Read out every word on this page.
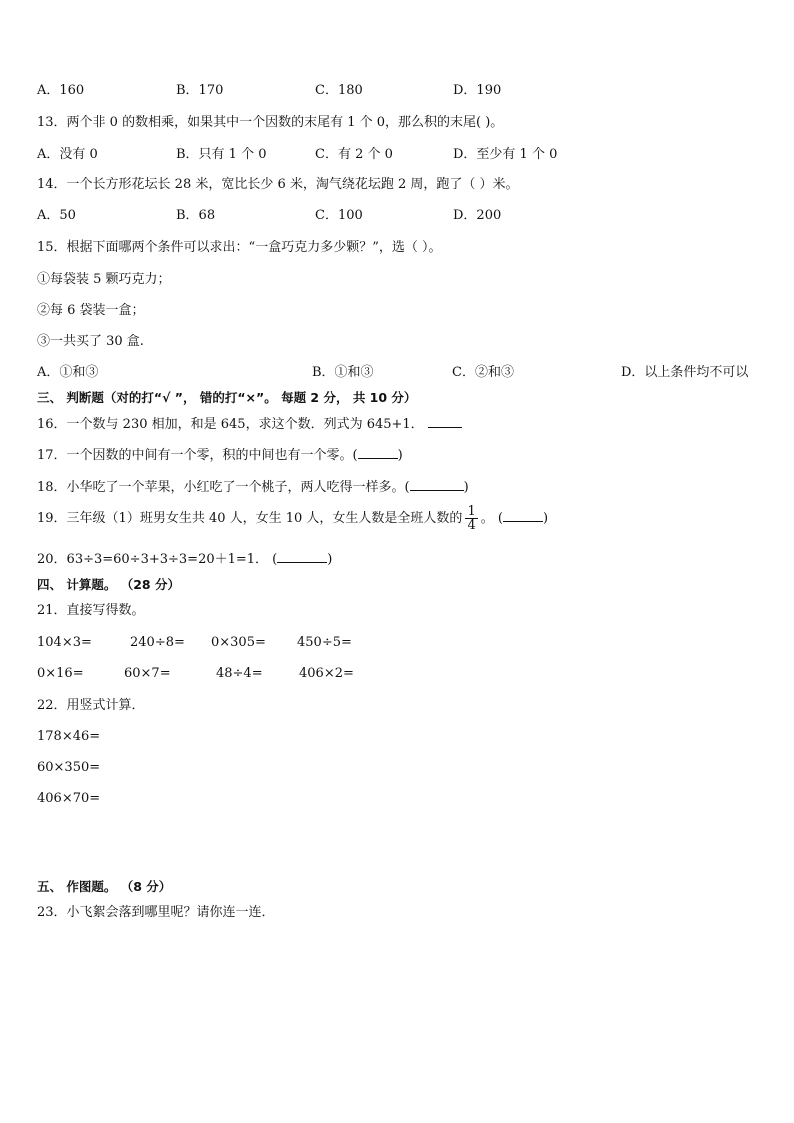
A．160	B．170	C．180	D．190
13．两个非 0 的数相乘，如果其中一个因数的末尾有 1 个 0，那么积的末尾( )。
A．没有 0	B．只有 1 个 0	C．有 2 个 0	D．至少有 1 个 0
14．一个长方形花坛长 28 米，宽比长少 6 米，淘气绕花坛跑 2 周，跑了（ ）米。
A．50	B．68	C．100	D．200
15．根据下面哪两个条件可以求出：“一盒巧克力多少颗？”，选（ ）。
①每袋装 5 颗巧克力；
②每 6 袋装一盒；
③一共买了 30 盒.
A．①和③	B．①和③	C．②和③	D．以上条件均不可以
三、 判断题（对的打“√ ”， 错的打“×”。 每题 2 分， 共 10 分）
16．一个数与 230 相加，和是 645，求这个数．列式为 645+1．
17．一个因数的中间有一个零，积的中间也有一个零。(	)
18．小华吃了一个苹果，小红吃了一个桃子，两人吃得一样多。(	)
19．三年级（1）班男女生共 40 人，女生 10 人，女生人数是全班人数的 $\frac{1}{4}$ 。 (	)
20．63÷3=60÷3+3÷3=20＋1=1． (	)
四、 计算题。 （28 分）
21．直接写得数。
104×3=	240÷8= 0×305= 450÷5=
0×16=	60×7=	48÷4=	406×2=
22．用竖式计算．
178×46=
60×350=
406×70=
五、 作图题。 （8 分）
23．小飞絮会落到哪里呢？请你连一连．
